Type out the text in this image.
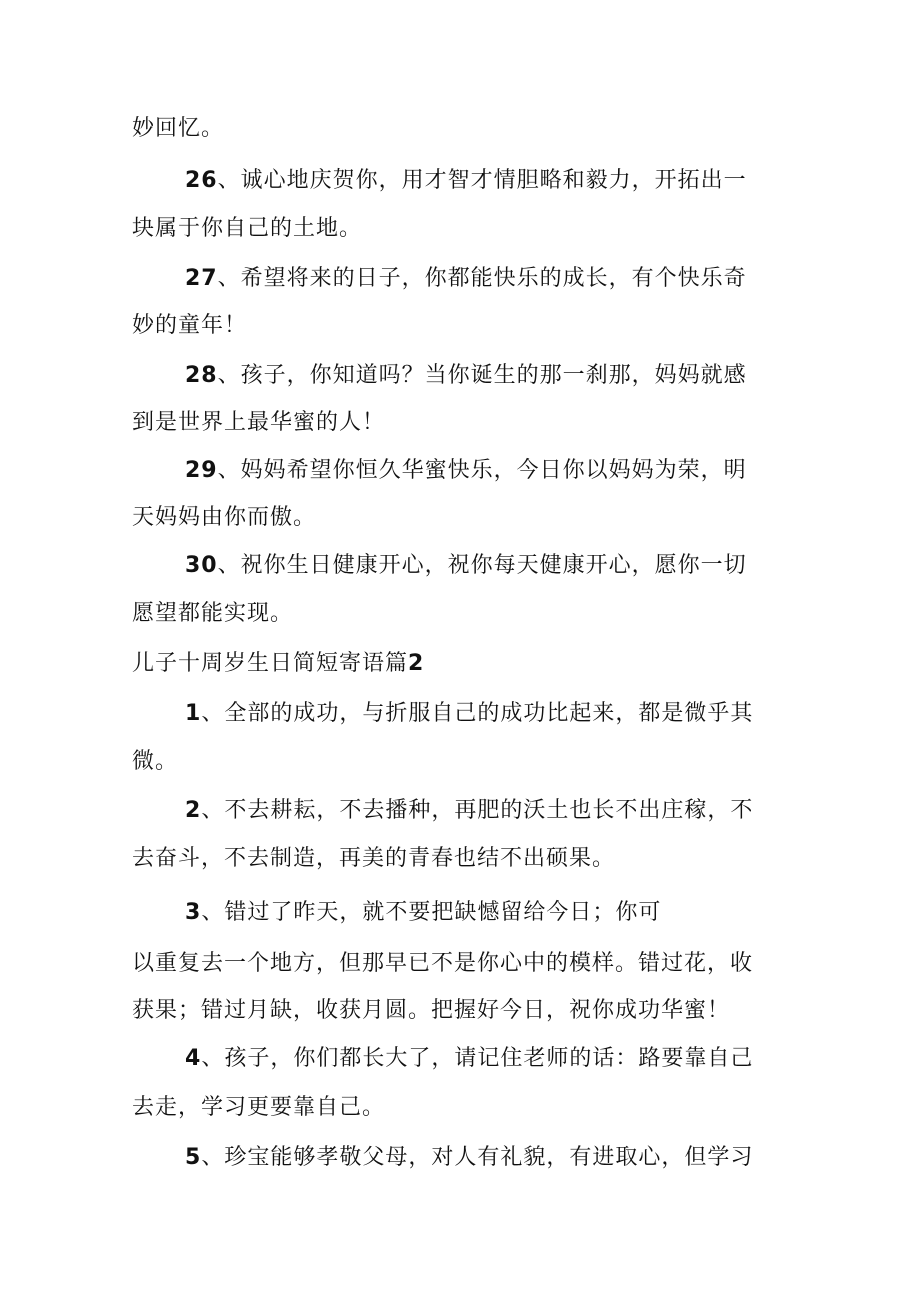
妙回忆。
26、诚心地庆贺你，用才智才情胆略和毅力，开拓出一
块属于你自己的土地。
27、希望将来的日子，你都能快乐的成长，有个快乐奇
妙的童年！
28、孩子，你知道吗？当你诞生的那一刹那，妈妈就感
到是世界上最华蜜的人！
29、妈妈希望你恒久华蜜快乐，今日你以妈妈为荣，明
天妈妈由你而傲。
30、祝你生日健康开心，祝你每天健康开心，愿你一切
愿望都能实现。
儿子十周岁生日简短寄语篇2
1、全部的成功，与折服自己的成功比起来，都是微乎其
微。
2、不去耕耘，不去播种，再肥的沃土也长不出庄稼，不
去奋斗，不去制造，再美的青春也结不出硕果。
3、错过了昨天，就不要把缺憾留给今日；你可
以重复去一个地方，但那早已不是你心中的模样。错过花，收
获果；错过月缺，收获月圆。把握好今日，祝你成功华蜜！
4、孩子，你们都长大了，请记住老师的话：路要靠自己
去走，学习更要靠自己。
5、珍宝能够孝敬父母，对人有礼貌，有进取心，但学习
